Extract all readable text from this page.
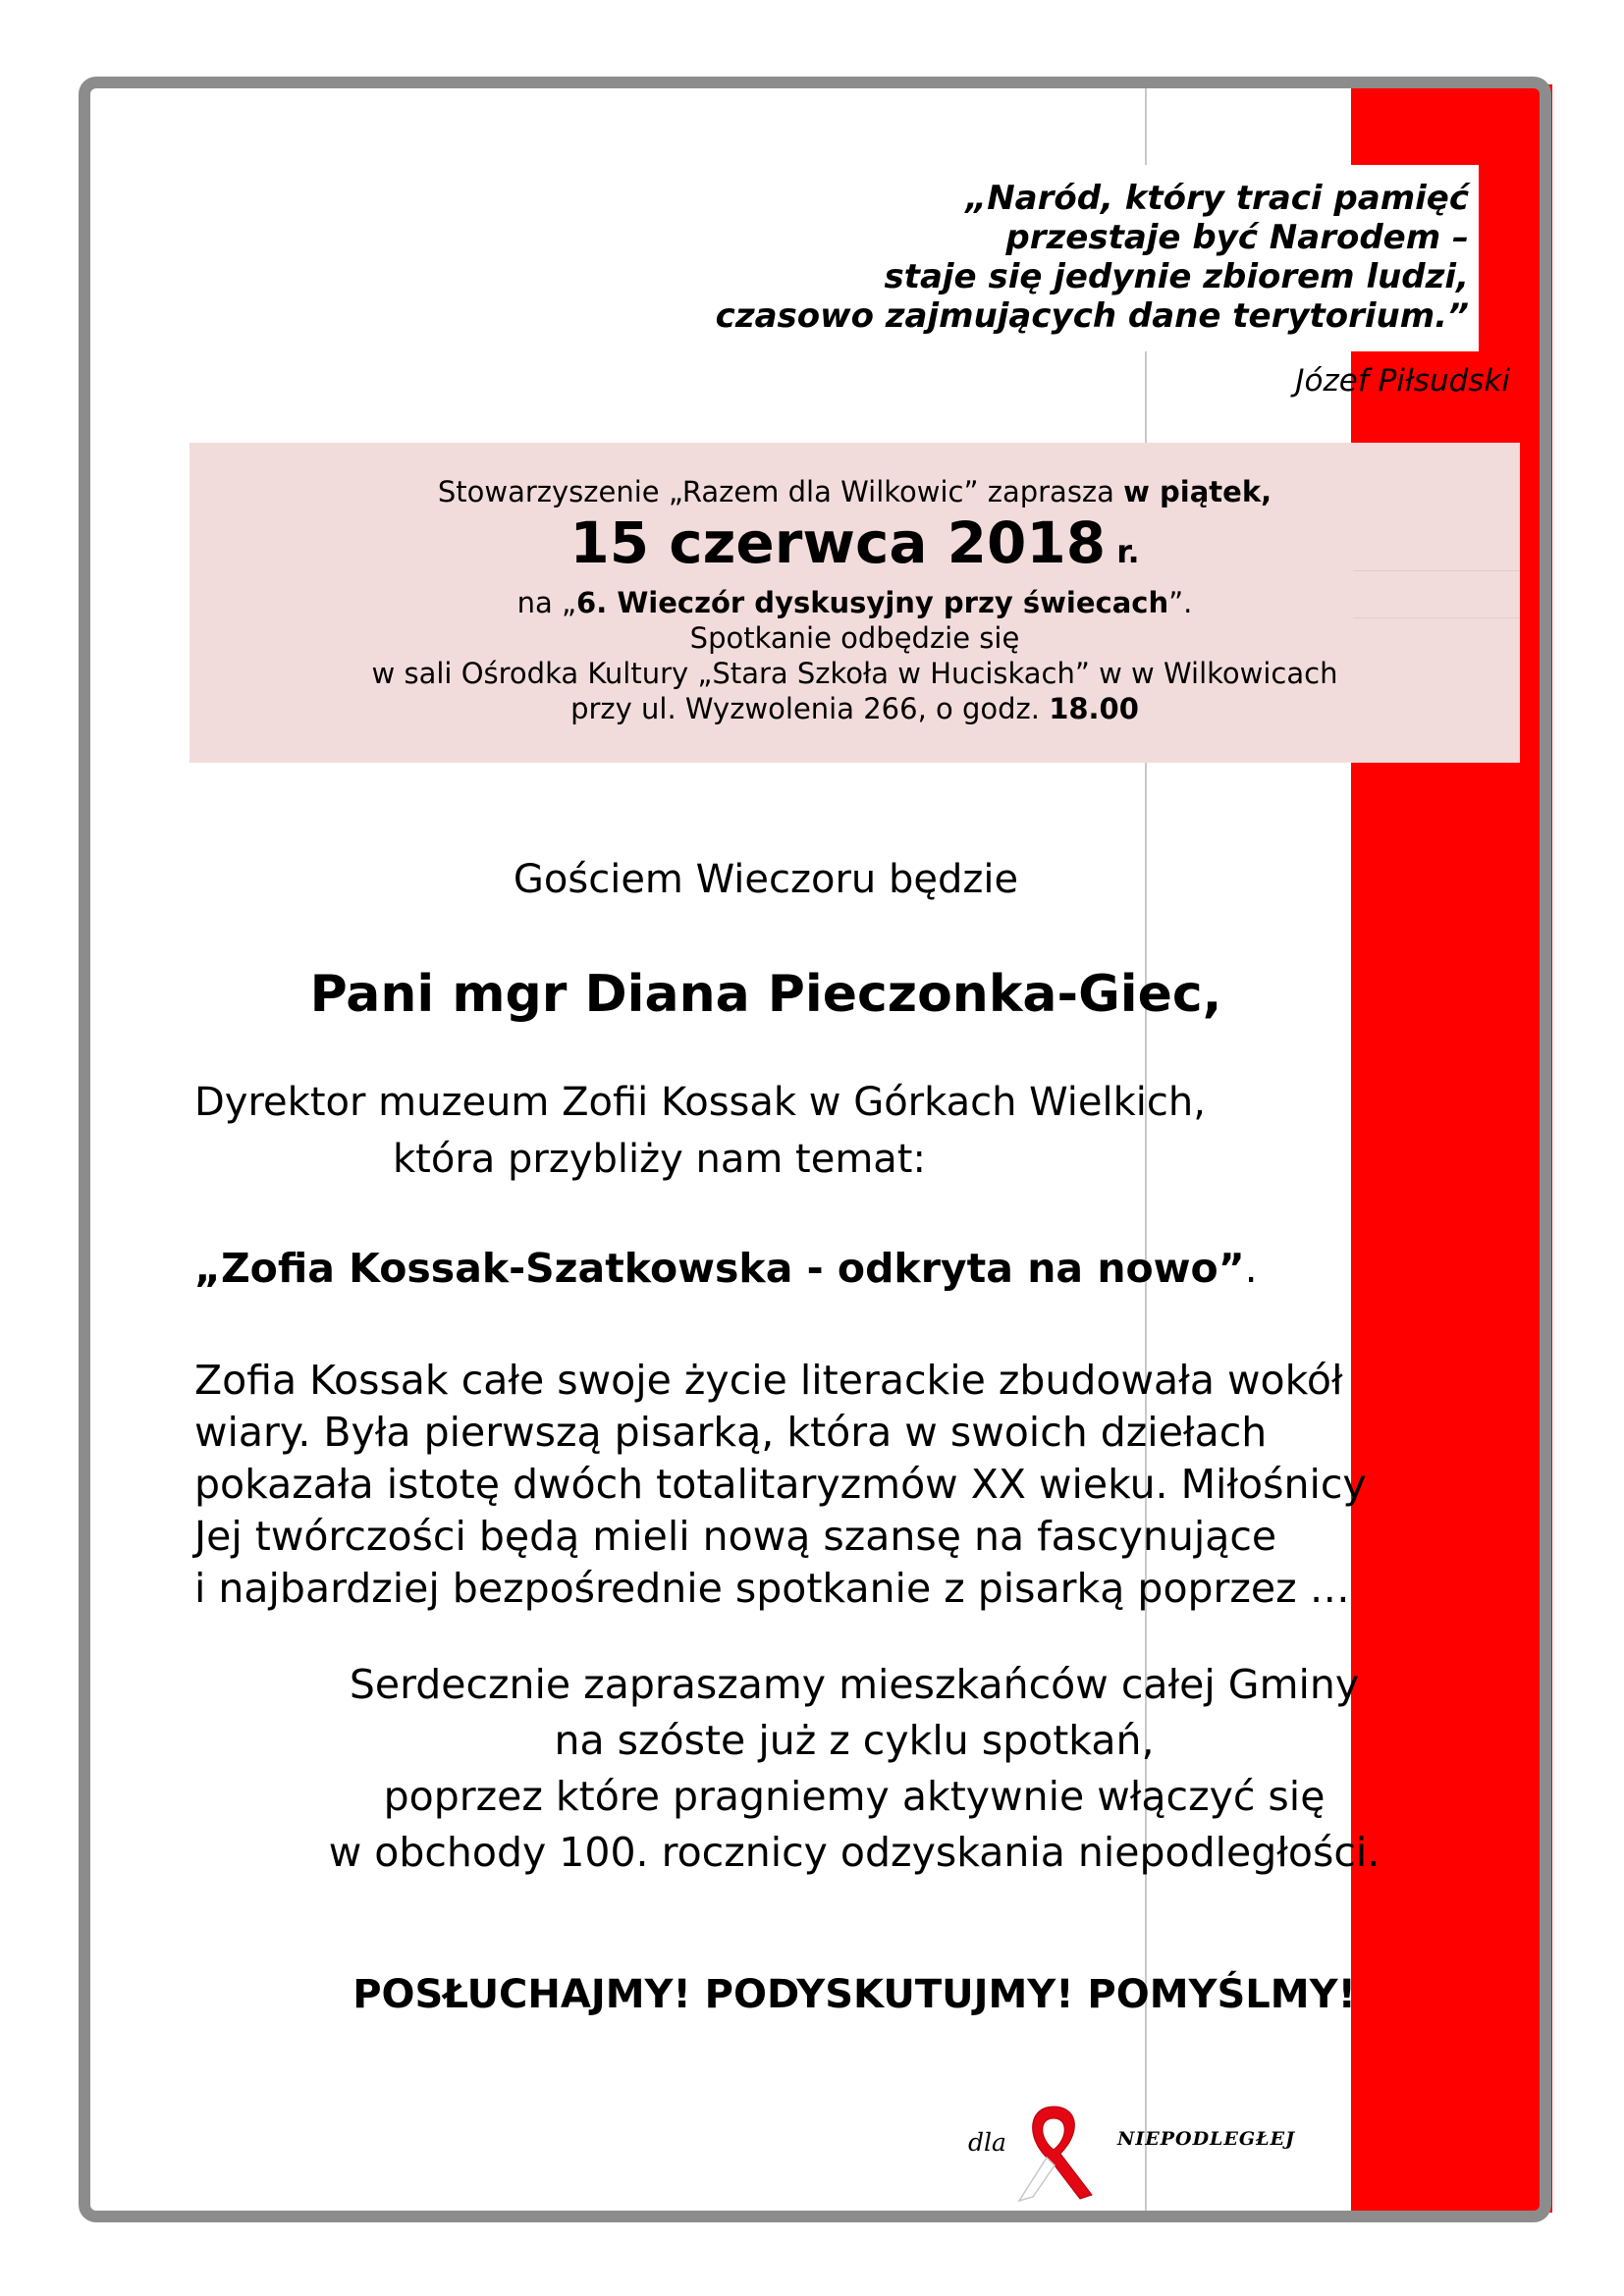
„Naród, który traci pamięć
przestaje być Narodem –
staje się jedynie zbiorem ludzi,
czasowo zajmujących dane terytorium.”
Józef Piłsudski
Stowarzyszenie „Razem dla Wilkowic” zaprasza w piątek,
15 czerwca 2018 r.
na „6. Wieczór dyskusyjny przy świecach”.
Spotkanie odbędzie się
w sali Ośrodka Kultury „Stara Szkoła w Huciskach” w w Wilkowicach
przy ul. Wyzwolenia 266, o godz. 18.00
Gościem Wieczoru będzie
Pani mgr Diana Pieczonka-Giec,
Dyrektor muzeum Zofii Kossak w Górkach Wielkich,
która przybliży nam temat:
„Zofia Kossak-Szatkowska - odkryta na nowo”.
Zofia Kossak całe swoje życie literackie zbudowała wokół
wiary. Była pierwszą pisarką, która w swoich dziełach
pokazała istotę dwóch totalitaryzmów XX wieku. Miłośnicy
Jej twórczości będą mieli nową szansę na fascynujące
i najbardziej bezpośrednie spotkanie z pisarką poprzez …
Serdecznie zapraszamy mieszkańców całej Gminy
na szóste już z cyklu spotkań,
poprzez które pragniemy aktywnie włączyć się
w obchody 100. rocznicy odzyskania niepodległości.
POSŁUCHAJMY! PODYSKUTUJMY! POMYŚLMY!
dla	NIEPODLEGŁEJ
